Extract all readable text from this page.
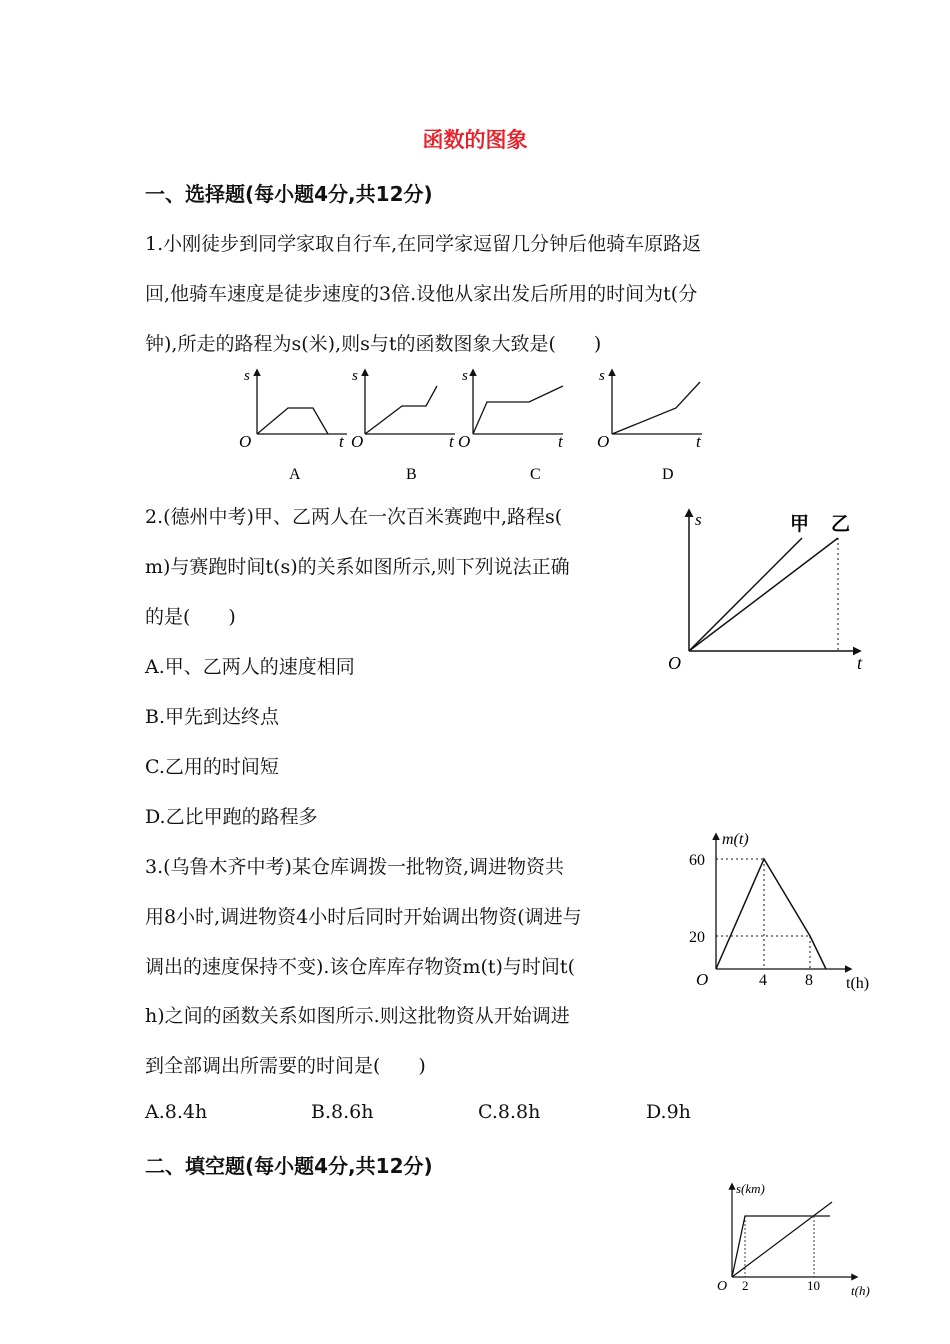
函数的图象
一、选择题(每小题4分,共12分)
1.小刚徒步到同学家取自行车,在同学家逗留几分钟后他骑车原路返
回,他骑车速度是徒步速度的3倍.设他从家出发后所用的时间为t(分
钟),所走的路程为s(米),则s与t的函数图象大致是(　　)
s
O	t
A
s
O	t
B
s
O	t
C
s
O	t
D
2.(德州中考)甲、乙两人在一次百米赛跑中,路程s(
m)与赛跑时间t(s)的关系如图所示,则下列说法正确
的是(　　)
A.甲、乙两人的速度相同
B.甲先到达终点
C.乙用的时间短
D.乙比甲跑的路程多
s
O	t
甲 乙
3.(乌鲁木齐中考)某仓库调拨一批物资,调进物资共
用8小时,调进物资4小时后同时开始调出物资(调进与
调出的速度保持不变).该仓库库存物资m(t)与时间t(
h)之间的函数关系如图所示.则这批物资从开始调进
到全部调出所需要的时间是(　　)
A.8.4h	B.8.6h	C.8.8h	D.9h
m(t)
60
20
O	4 8 t(h)
二、填空题(每小题4分,共12分)
s(km)
O 2	10 t(h)
